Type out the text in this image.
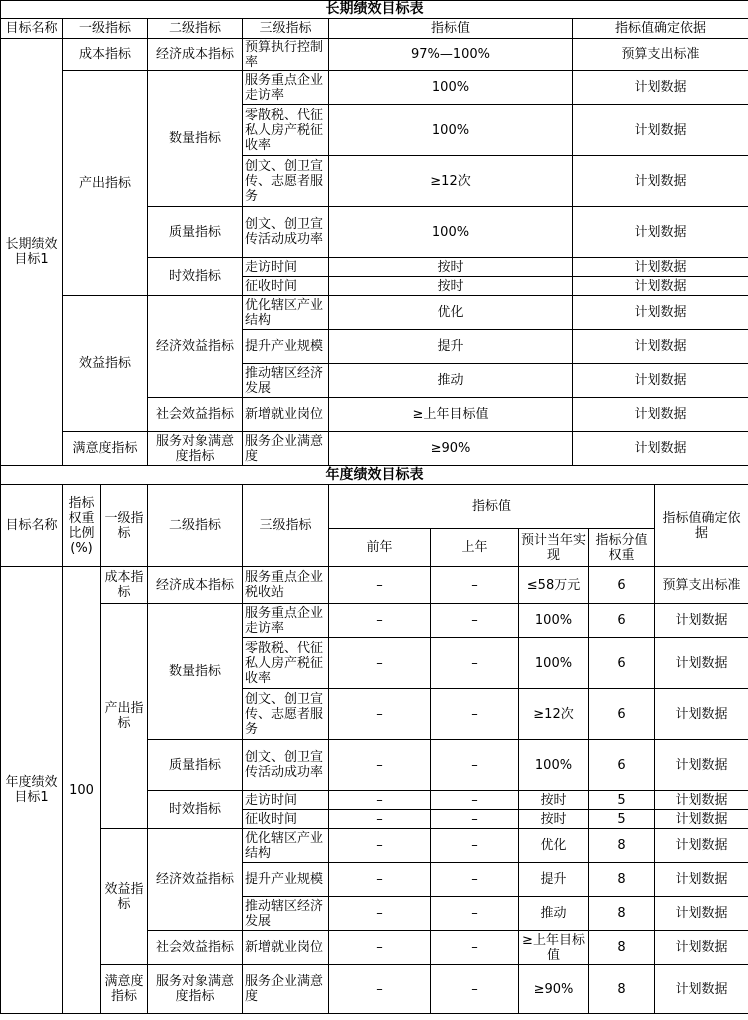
长期绩效目标表					
目标名称	一级指标	二级指标	三级指标	指标值	指标值确定依据
长期绩效目标1	成本指标	经济成本指标	预算执行控制率	97%—100%	预算支出标准
	产出指标	数量指标	服务重点企业走访率	100%	计划数据
			零散税、代征私人房产税征收率	100%	计划数据
			创文、创卫宣传、志愿者服务	≥12次	计划数据
		质量指标	创文、创卫宣传活动成功率	100%	计划数据
		时效指标	走访时间	按时	计划数据
			征收时间	按时	计划数据
	效益指标	经济效益指标	优化辖区产业结构	优化	计划数据
			提升产业规模	提升	计划数据
			推动辖区经济发展	推动	计划数据
		社会效益指标	新增就业岗位	≥上年目标值	计划数据
	满意度指标	服务对象满意度指标	服务企业满意度	≥90%	计划数据
年度绩效目标表									
目标名称	指标权重比例(%)	一级指标	二级指标	三级指标	指标值				指标值确定依据
					前年	上年	预计当年实现	指标分值权重	
年度绩效目标1	100	成本指标	经济成本指标	服务重点企业税收站	–	–	≤58万元	6	预算支出标准
		产出指标	数量指标	服务重点企业走访率	–	–	100%	6	计划数据
				零散税、代征私人房产税征收率	–	–	100%	6	计划数据
				创文、创卫宣传、志愿者服务	–	–	≥12次	6	计划数据
			质量指标	创文、创卫宣传活动成功率	–	–	100%	6	计划数据
			时效指标	走访时间	–	–	按时	5	计划数据
				征收时间	–	–	按时	5	计划数据
		效益指标	经济效益指标	优化辖区产业结构	–	–	优化	8	计划数据
				提升产业规模	–	–	提升	8	计划数据
				推动辖区经济发展	–	–	推动	8	计划数据
			社会效益指标	新增就业岗位	–	–	≥上年目标值	8	计划数据
		满意度指标	服务对象满意度指标	服务企业满意度	–	–	≥90%	8	计划数据
